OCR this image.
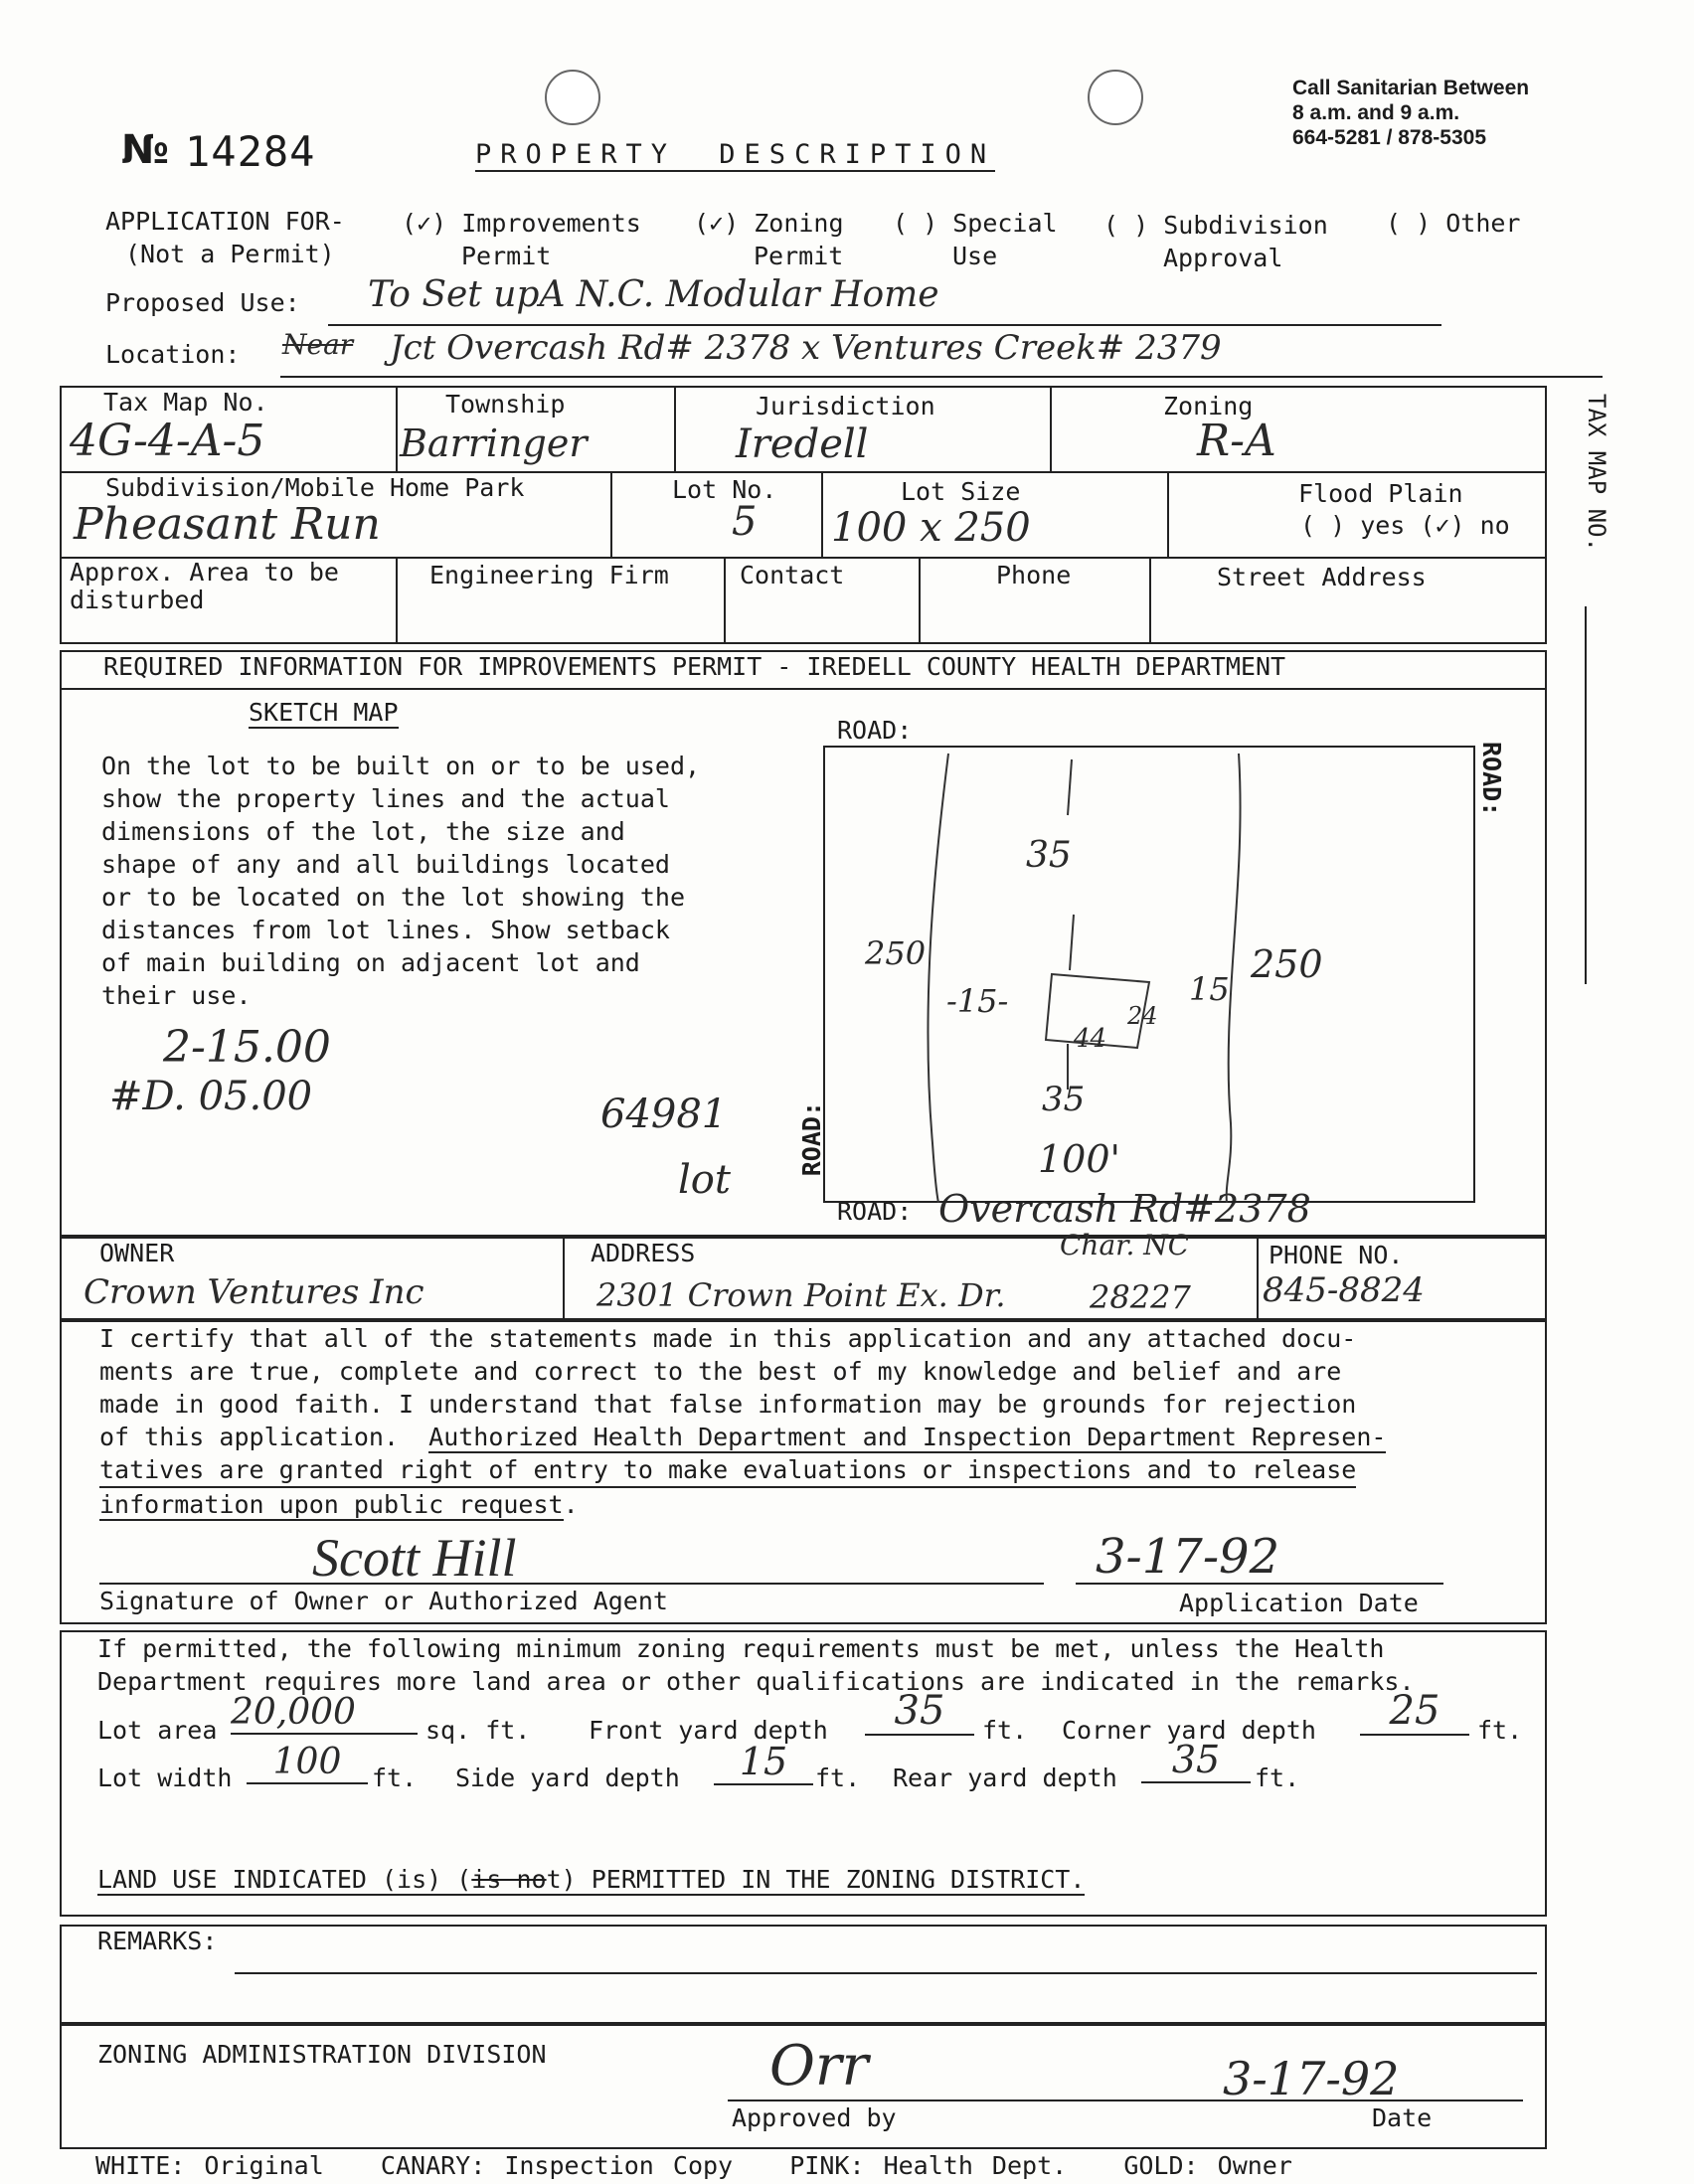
№ 14284	PROPERTY DESCRIPTION
Call Sanitarian Between
8 a.m. and 9 a.m.
664-5281 / 878-5305
APPLICATION FOR-
(Not a Permit)
(✓) Improvements
Permit
(✓) Zoning
Permit
( ) Special
Use
( ) Subdivision
Approval
( ) Other
Proposed Use: To Set upA N.C. Modular Home
Location: Near Jct Overcash Rd# 2378 x Ventures Creek# 2379
Tax Map No.
4G-4-A-5
Township
Barringer
Jurisdiction
Iredell
Zoning
R-A
Subdivision/Mobile Home Park
Pheasant Run
Lot No.
5
Lot Size
100 x 250
Flood Plain
( ) yes (✓) no
Approx. Area to be disturbed
Engineering Firm	Contact	Phone	Street Address
TAX MAP NO.
REQUIRED INFORMATION FOR IMPROVEMENTS PERMIT - IREDELL COUNTY HEALTH DEPARTMENT
SKETCH MAP
On the lot to be built on or to be used,
show the property lines and the actual
dimensions of the lot, the size and
shape of any and all buildings located
or to be located on the lot showing the
distances from lot lines. Show setback
of main building on adjacent lot and
their use.
2-15.00
#D. 05.00	64981
lot
ROAD:
ROAD:
ROAD:
ROAD: Overcash Rd#2378
35
250	250
-15-	15
44
24
35
100'
OWNER
Crown Ventures Inc
ADDRESS	Char. NC
2301 Crown Point Ex. Dr.	28227
PHONE NO.
845-8824
I certify that all of the statements made in this application and any attached docu-
ments are true, complete and correct to the best of my knowledge and belief and are
made in good faith. I understand that false information may be grounds for rejection
of this application.  Authorized Health Department and Inspection Department Represen-
tatives are granted right of entry to make evaluations or inspections and to release
information upon public request.
Scott Hill	3-17-92
Signature of Owner or Authorized Agent	Application Date
If permitted, the following minimum zoning requirements must be met, unless the Health
Department requires more land area or other qualifications are indicated in the remarks.
Lot area 20,000	sq. ft. Front yard depth	35	ft. Corner yard depth	25	ft.
Lot width	100	ft. Side yard depth	15	ft. Rear yard depth	35	ft.
LAND USE INDICATED (is) (is not) PERMITTED IN THE ZONING DISTRICT.
REMARKS:
ZONING ADMINISTRATION DIVISION	Orr	3-17-92
Approved by	Date
WHITE: Original   CANARY: Inspection Copy   PINK: Health Dept.   GOLD: Owner
